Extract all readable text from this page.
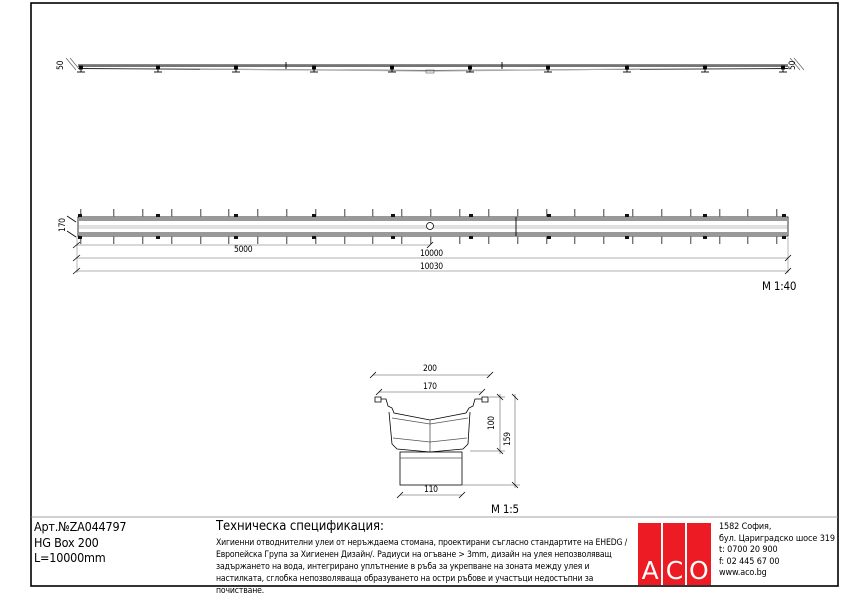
50	50
170
5000	10000
10030
M 1:40
200
170
100
159
110
M 1:5
Арт.№ZA044797
HG Box 200
L=10000mm
Техническа спецификация:
Хигиенни отводнителни улеи от неръждаема стомана, проектирани съгласно стандартите на EHEDG /Европейска Група за Хигиенен Дизайн/. Радиуси на огъване > 3mm, дизайн на улея непозволяващ задържането на вода, интегрирано уплътнение в ръба за укрепване на зоната между улея и настилката, сглобка непозволяваща образуването на остри ръбове и участъци недостъпни за почистване.
A C O
1582 София,
бул. Цариградско шосе 319
t: 0700 20 900
f: 02 445 67 00
www.aco.bg
